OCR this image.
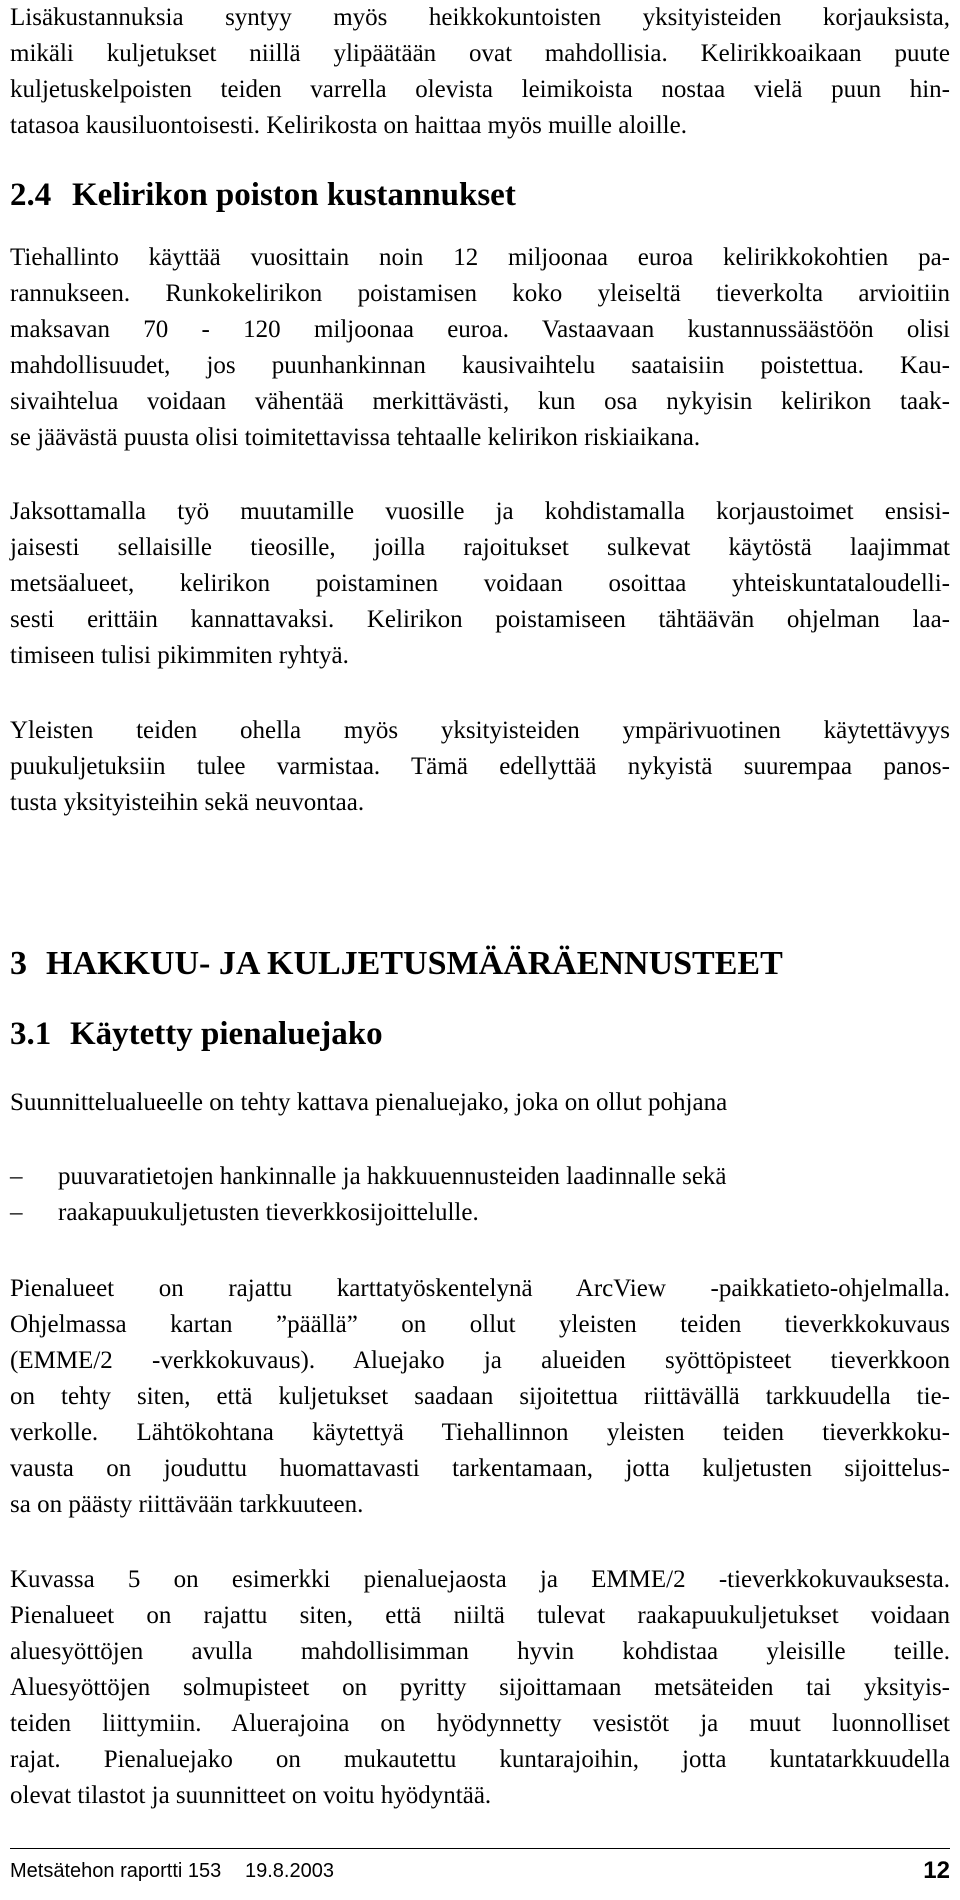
Lisäkustannuksia syntyy myös heikkokuntoisten yksityisteiden korjauksista,
mikäli kuljetukset niillä ylipäätään ovat mahdollisia. Kelirikkoaikaan puute
kuljetuskelpoisten teiden varrella olevista leimikoista nostaa vielä puun hin-
tatasoa kausiluontoisesti. Kelirikosta on haittaa myös muille aloille.
2.4 Kelirikon poiston kustannukset
Tiehallinto käyttää vuosittain noin 12 miljoonaa euroa kelirikkokohtien pa-
rannukseen. Runkokelirikon poistamisen koko yleiseltä tieverkolta arvioitiin
maksavan 70 - 120 miljoonaa euroa. Vastaavaan kustannussäästöön olisi
mahdollisuudet, jos puunhankinnan kausivaihtelu saataisiin poistettua. Kau-
sivaihtelua voidaan vähentää merkittävästi, kun osa nykyisin kelirikon taak-
se jäävästä puusta olisi toimitettavissa tehtaalle kelirikon riskiaikana.
Jaksottamalla työ muutamille vuosille ja kohdistamalla korjaustoimet ensisi-
jaisesti sellaisille tieosille, joilla rajoitukset sulkevat käytöstä laajimmat
metsäalueet, kelirikon poistaminen voidaan osoittaa yhteiskuntataloudelli-
sesti erittäin kannattavaksi. Kelirikon poistamiseen tähtäävän ohjelman laa-
timiseen tulisi pikimmiten ryhtyä.
Yleisten teiden ohella myös yksityisteiden ympärivuotinen käytettävyys
puukuljetuksiin tulee varmistaa. Tämä edellyttää nykyistä suurempaa panos-
tusta yksityisteihin sekä neuvontaa.
3 HAKKUU- JA KULJETUSMÄÄRÄENNUSTEET
3.1 Käytetty pienaluejako
Suunnittelualueelle on tehty kattava pienaluejako, joka on ollut pohjana
– puuvaratietojen hankinnalle ja hakkuuennusteiden laadinnalle sekä
– raakapuukuljetusten tieverkkosijoittelulle.
Pienalueet on rajattu karttatyöskentelynä ArcView -paikkatieto-ohjelmalla.
Ohjelmassa kartan ”päällä” on ollut yleisten teiden tieverkkokuvaus
(EMME/2 -verkkokuvaus). Aluejako ja alueiden syöttöpisteet tieverkkoon
on tehty siten, että kuljetukset saadaan sijoitettua riittävällä tarkkuudella tie-
verkolle. Lähtökohtana käytettyä Tiehallinnon yleisten teiden tieverkkoku-
vausta on jouduttu huomattavasti tarkentamaan, jotta kuljetusten sijoittelus-
sa on päästy riittävään tarkkuuteen.
Kuvassa 5 on esimerkki pienaluejaosta ja EMME/2 -tieverkkokuvauksesta.
Pienalueet on rajattu siten, että niiltä tulevat raakapuukuljetukset voidaan
aluesyöttöjen avulla mahdollisimman hyvin kohdistaa yleisille teille.
Aluesyöttöjen solmupisteet on pyritty sijoittamaan metsäteiden tai yksityis-
teiden liittymiin. Aluerajoina on hyödynnetty vesistöt ja muut luonnolliset
rajat. Pienaluejako on mukautettu kuntarajoihin, jotta kuntatarkkuudella
olevat tilastot ja suunnitteet on voitu hyödyntää.
Metsätehon raportti 153 19.8.2003	12
